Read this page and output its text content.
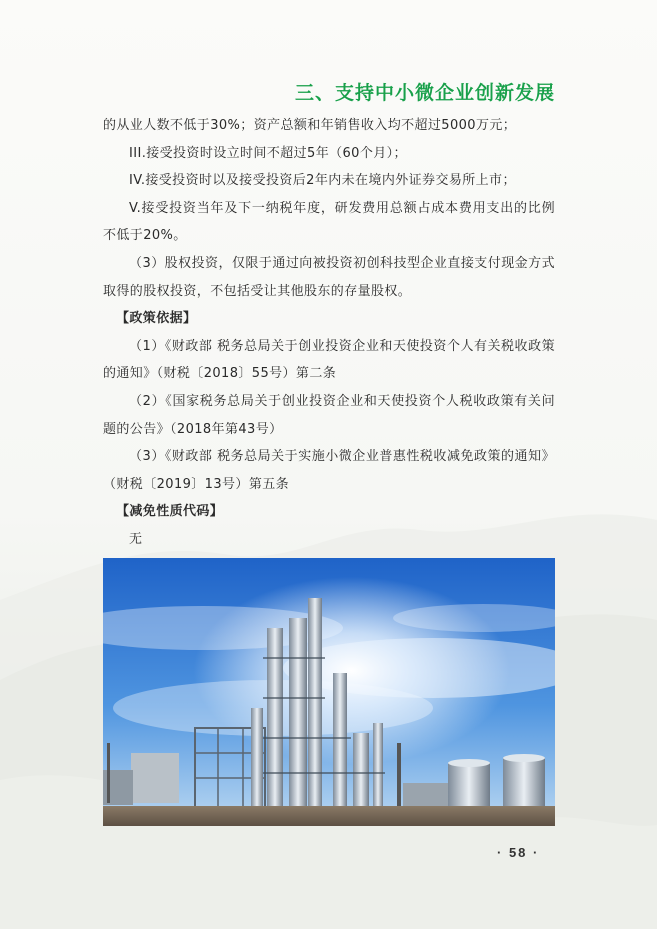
三、支持中小微企业创新发展

的从业人数不低于30%；资产总额和年销售收入均不超过5000万元；

III.接受投资时设立时间不超过5年（60个月）；

IV.接受投资时以及接受投资后2年内未在境内外证券交易所上市；

V.接受投资当年及下一纳税年度，研发费用总额占成本费用支出的比例不低于20%。

（3）股权投资，仅限于通过向被投资初创科技型企业直接支付现金方式取得的股权投资，不包括受让其他股东的存量股权。

【政策依据】

（1）《财政部 税务总局关于创业投资企业和天使投资个人有关税收政策的通知》（财税〔2018〕55号）第二条

（2）《国家税务总局关于创业投资企业和天使投资个人税收政策有关问题的公告》（2018年第43号）

（3）《财政部 税务总局关于实施小微企业普惠性税收减免政策的通知》（财税〔2019〕13号）第五条

【减免性质代码】

无

· 58 ·
